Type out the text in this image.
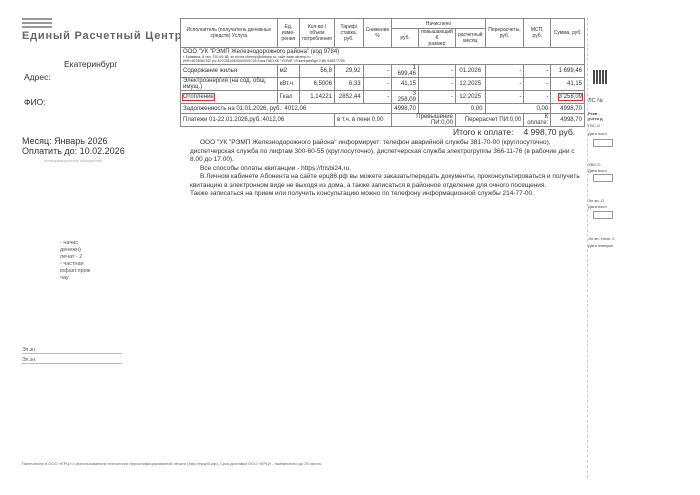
Единый Расчетный Центр
Екатеринбург
Адрес:
ФИО:
Месяц: Январь 2026
Оплатить до: 10.02.2026
•информационные обращения•
Исполнитель (получатель денежных средств) Услуга	Ед. изме-рения	Кол-во / объем потребления	Тариф/ ставка, руб.	Снижение %	Начислено			Перерасчеты, руб.	МСП, руб.	Сумма, руб.
					руб.	повышающий К
размер	расчетный месяц			

ООО "УК "РЭМП Железнодорожного района" (код 9784)
г. Ерамина. 8 тел. 370-69-58, эл.почта ukremp@ukremp.ru, сайт www.ukremp.ru
ИНН 6678082192 р/с 40702810620000000736 Банк ПАО КБ "УБРиР" г.Екатеринбург БИК 046577795										

Содержание жилья	м2	56,8	29,92	-	1 699,46	-	01.2026	-	-	1 699,46
Электроэнергия (на сод. общ. имущ.)	кВт.ч	6,5006	6,33	-	41,15	-	12.2025	-	-	41,15
Отопление	Гкал	1,14221	2852,44	-	3 258,09	-	12.2025	-	-	3 258,09
Задолженность на 01.01.2026, руб.: 4012,06					4998,70	0,00		0,00		4998,70
Платежи 01-22.01.2026,руб.:4012,06			в т.ч. в пени 0,00		Превышение ПИ:0,00		Перерасчет ПИ:0,00		К оплате:	4998,70
Итого к оплате: 4 998,70 руб.

ООО "УК "РЭМП Железнодорожного района" информирует: телефон аварийной службы 381-70-00 (круглосуточно), диспетчерская служба по лифтам 300-60-55 (круглосуточно), диспетчерская служба электрогруппы 366-11-76 (в рабочие дни с 8.00 до 17.00).

Все способы оплаты квитанции - https://frisbi24.ru.

В Личном кабинете Абонента на сайте ерц86.рф вы можете заказать/передать документы, проконсультироваться и получить квитанцию в электронном виде не выходя из дома, а также записаться в районное отделение для очного посещения.

Также записаться на прием или получить консультацию можно по телефону информационной службы 214-77-00.

- начис
денежн)
лечат - 2
- частная
юфакт.прож
чау
Эл.эн.
Эл.эн.
Напечатано в ООО «ЕРЦ» с использованием технологии персонифицированной печати (http://ерц86.рф). Срок доставки ООО «ЕРЦ» - ежемесячно до 25 числа.
ЛС №
Рекв
учета д
ГВС-О
Дата посл
ХВС-О
Дата посл
Эл.эн.-О
Дата посл
Эл.эн.-Ночн. 2
Дата поверки
